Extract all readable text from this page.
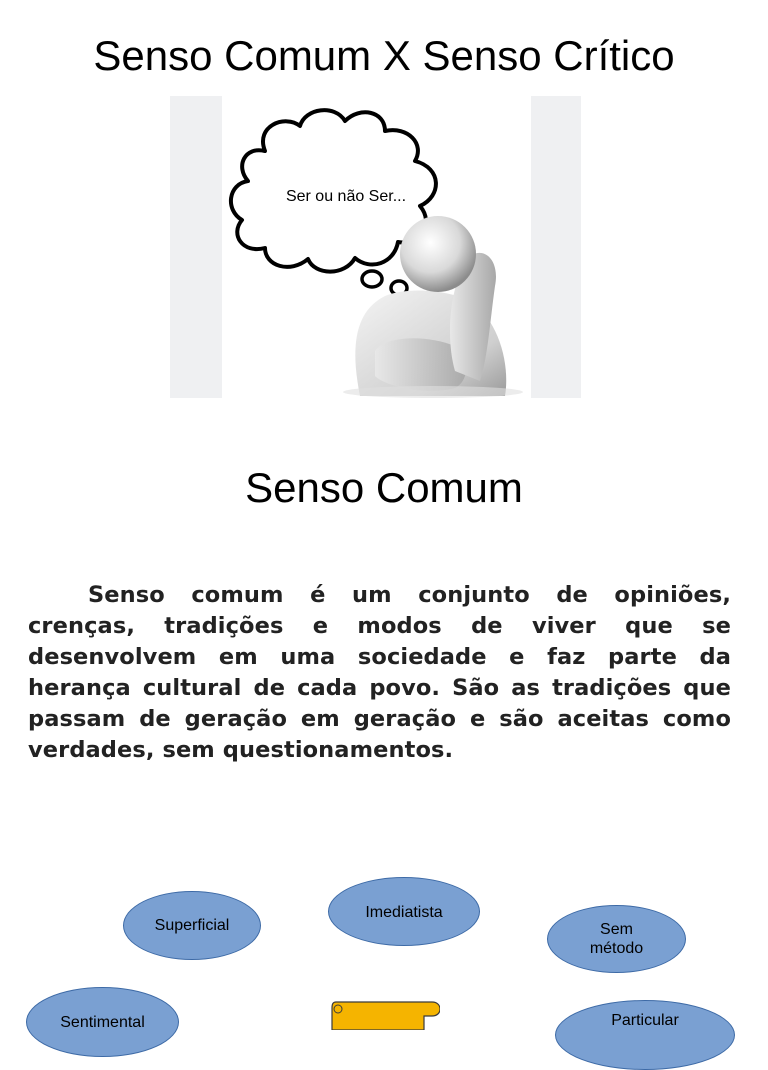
Senso Comum X Senso Crítico
Ser ou não Ser...
Senso Comum
Senso comum é um conjunto de opiniões, crenças, tradições e modos de viver que se desenvolvem em uma sociedade e faz parte da herança cultural de cada povo. São as tradições que passam de geração em geração e são aceitas como verdades, sem questionamentos.
Superficial
Imediatista
Sem
método
Sentimental	Particular
